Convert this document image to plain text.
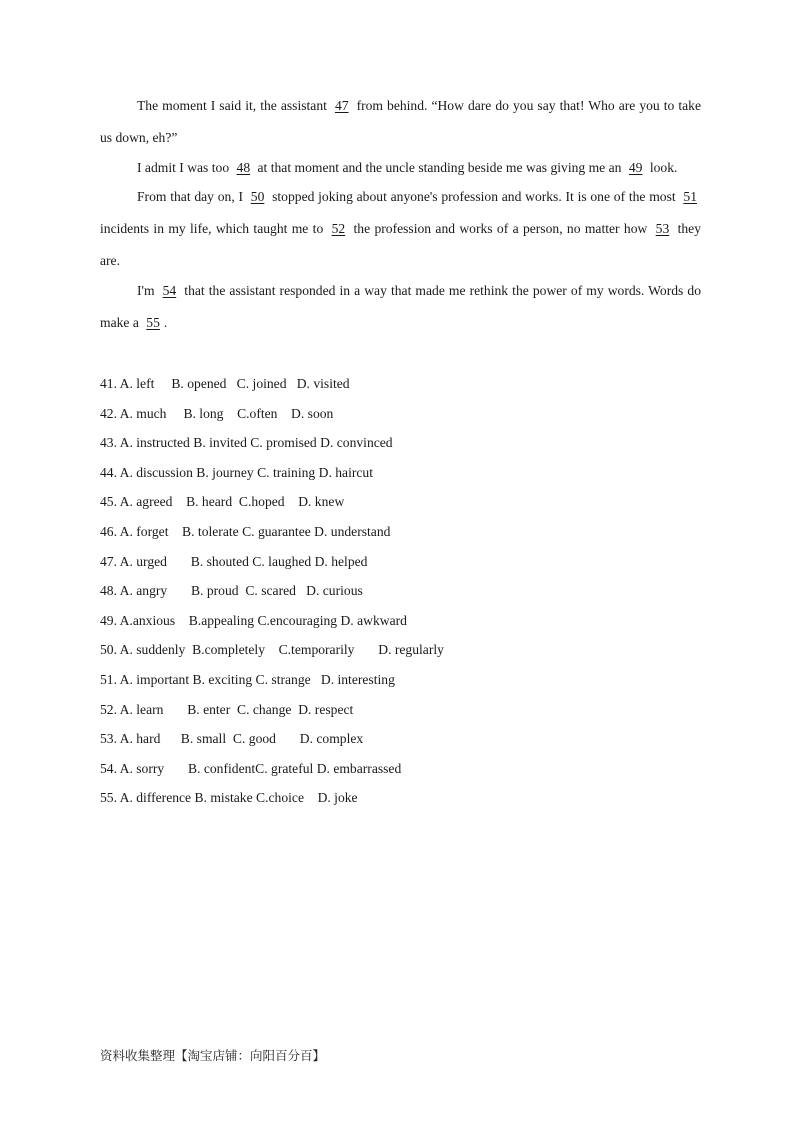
The moment I said it, the assistant 47 from behind. “How dare do you say that! Who are you to take us down, eh?”

I admit I was too 48 at that moment and the uncle standing beside me was giving me an 49 look.

From that day on, I 50 stopped joking about anyone's profession and works. It is one of the most 51 incidents in my life, which taught me to 52 the profession and works of a person, no matter how 53 they are.

I'm 54 that the assistant responded in a way that made me rethink the power of my words. Words do make a 55 .

41. A. left     B. opened   C. joined   D. visited
42. A. much     B. long    C.often    D. soon
43. A. instructed B. invited C. promised D. convinced
44. A. discussion B. journey C. training D. haircut
45. A. agreed    B. heard  C.hoped    D. knew
46. A. forget    B. tolerate C. guarantee D. understand
47. A. urged       B. shouted C. laughed D. helped
48. A. angry       B. proud  C. scared   D. curious
49. A.anxious    B.appealing C.encouraging D. awkward
50. A. suddenly  B.completely    C.temporarily       D. regularly
51. A. important B. exciting C. strange   D. interesting
52. A. learn       B. enter  C. change  D. respect
53. A. hard      B. small  C. good       D. complex
54. A. sorry       B. confidentC. grateful D. embarrassed
55. A. difference B. mistake C.choice    D. joke
资料收集整理【淘宝店铺：向阳百分百】
